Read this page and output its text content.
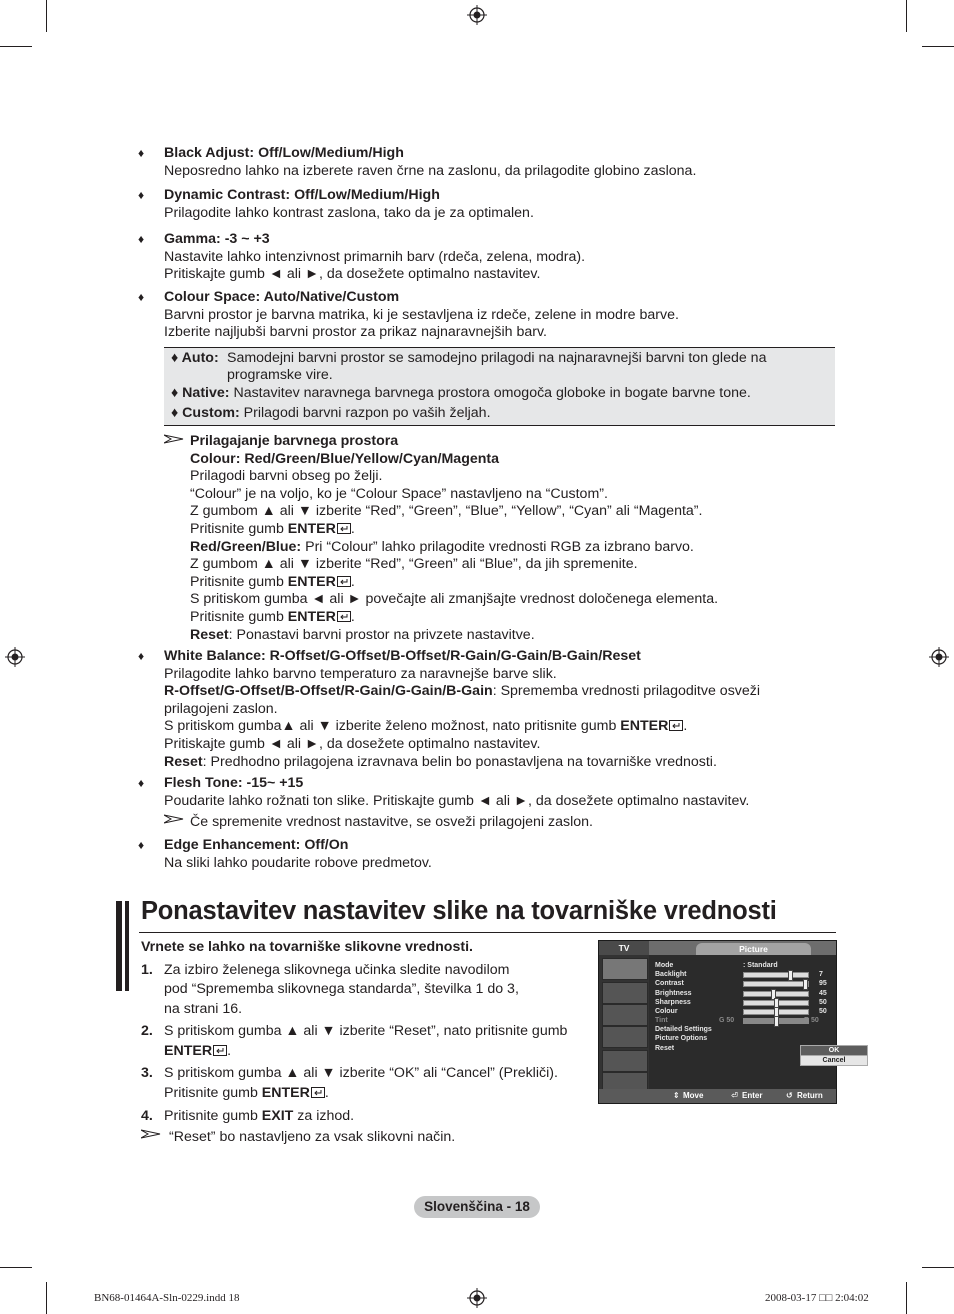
♦ Black Adjust: Off/Low/Medium/High
Neposredno lahko na izberete raven črne na zaslonu, da prilagodite globino zaslona.
♦ Dynamic Contrast: Off/Low/Medium/High
Prilagodite lahko kontrast zaslona, tako da je za optimalen.
♦ Gamma: -3 ~ +3
Nastavite lahko intenzivnost primarnih barv (rdeča, zelena, modra).
Pritiskajte gumb ◄ ali ►, da dosežete optimalno nastavitev.
♦ Colour Space: Auto/Native/Custom
Barvni prostor je barvna matrika, ki je sestavljena iz rdeče, zelene in modre barve.
Izberite najljubši barvni prostor za prikaz najnaravnejših barv.
♦ Auto: Samodejni barvni prostor se samodejno prilagodi na najnaravnejši barvni ton glede na
programske vire.
♦ Native: Nastavitev naravnega barvnega prostora omogoča globoke in bogate barvne tone.
♦ Custom: Prilagodi barvni razpon po vaših željah.
Prilagajanje barvnega prostora
Colour: Red/Green/Blue/Yellow/Cyan/Magenta
Prilagodi barvni obseg po želji.
“Colour” je na voljo, ko je “Colour Space” nastavljeno na “Custom”.
Z gumbom ▲ ali ▼ izberite “Red”, “Green”, “Blue”, “Yellow”, “Cyan” ali “Magenta”.
Pritisnite gumb ENTER .
Red/Green/Blue: Pri “Colour” lahko prilagodite vrednosti RGB za izbrano barvo.
Z gumbom ▲ ali ▼ izberite “Red”, “Green” ali “Blue”, da jih spremenite.
Pritisnite gumb ENTER .
S pritiskom gumba ◄ ali ► povečajte ali zmanjšajte vrednost določenega elementa.
Pritisnite gumb ENTER .
Reset: Ponastavi barvni prostor na privzete nastavitve.
♦ White Balance: R-Offset/G-Offset/B-Offset/R-Gain/G-Gain/B-Gain/Reset
Prilagodite lahko barvno temperaturo za naravnejše barve slik.
R-Offset/G-Offset/B-Offset/R-Gain/G-Gain/B-Gain: Sprememba vrednosti prilagoditve osveži
prilagojeni zaslon.
S pritiskom gumba▲ ali ▼ izberite želeno možnost, nato pritisnite gumb ENTER .
Pritiskajte gumb ◄ ali ►, da dosežete optimalno nastavitev.
Reset: Predhodno prilagojena izravnava belin bo ponastavljena na tovarniške vrednosti.
♦ Flesh Tone: -15~ +15
Poudarite lahko rožnati ton slike. Pritiskajte gumb ◄ ali ►, da dosežete optimalno nastavitev.
Če spremenite vrednost nastavitve, se osveži prilagojeni zaslon.
♦ Edge Enhancement: Off/On
Na sliki lahko poudarite robove predmetov.
Ponastavitev nastavitev slike na tovarniške vrednosti
Vrnete se lahko na tovarniške slikovne vrednosti.
1. Za izbiro želenega slikovnega učinka sledite navodilom
pod “Sprememba slikovnega standarda”, številka 1 do 3,
na strani 16.
2. S pritiskom gumba ▲ ali ▼ izberite “Reset”, nato pritisnite gumb
ENTER .
3. S pritiskom gumba ▲ ali ▼ izberite “OK” ali “Cancel” (Prekliči).
Pritisnite gumb ENTER .
4. Pritisnite gumb EXIT za izhod.
“Reset” bo nastavljeno za vsak slikovni način.
TV	Picture
Mode	: Standard
Backlight	7
Contrast	95
Brightness	45
Sharpness	50
Colour	50
Tint	G 50	R 50
Detailed Settings
Picture Options
Reset	OK
Cancel
⇕ Move	⏎ Enter	↺ Return
Slovenščina - 18
BN68-01464A-Sln-0229.indd 18	2008-03-17 □□ 2:04:02
